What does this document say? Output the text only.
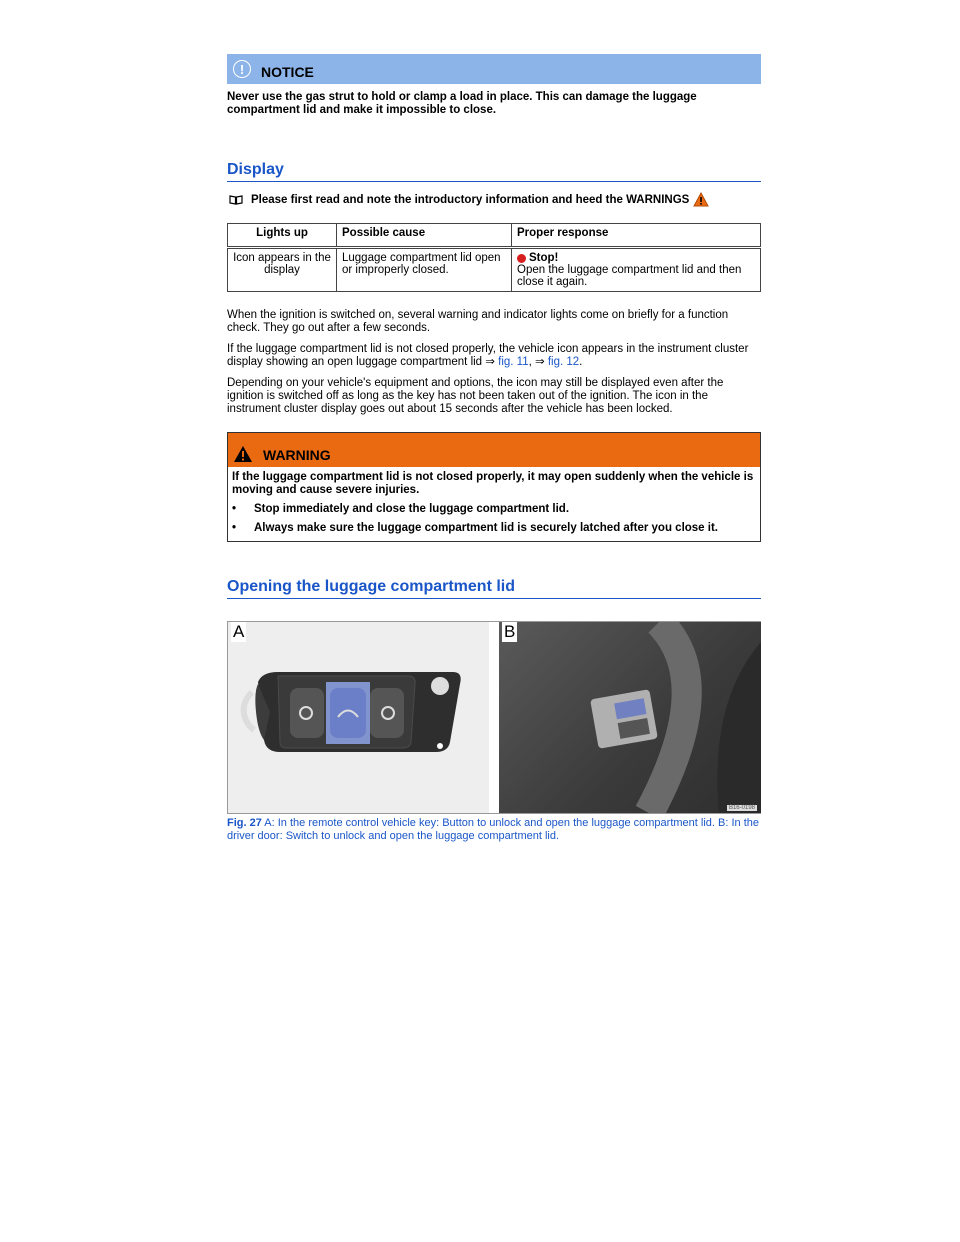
!	NOTICE
Never use the gas strut to hold or clamp a load in place. This can damage the luggage compartment lid and make it impossible to close.
Display
Please first read and note the introductory information and heed the WARNINGS
Lights up	Possible cause	Proper response
Icon appears in the display	Luggage compartment lid open or improperly closed.	Stop!
Open the luggage compartment lid and then close it again.
When the ignition is switched on, several warning and indicator lights come on briefly for a function check. They go out after a few seconds.
If the luggage compartment lid is not closed properly, the vehicle icon appears in the instrument cluster display showing an open luggage compartment lid ⇒ fig. 11, ⇒ fig. 12.
Depending on your vehicle's equipment and options, the icon may still be displayed even after the ignition is switched off as long as the key has not been taken out of the ignition. The icon in the instrument cluster display goes out about 15 seconds after the vehicle has been locked.
WARNING
If the luggage compartment lid is not closed properly, it may open suddenly when the vehicle is moving and cause severe injuries.
•	Stop immediately and close the luggage compartment lid.
•	Always make sure the luggage compartment lid is securely latched after you close it.
Opening the luggage compartment lid
A	B
B16-0198
Fig. 27 A: In the remote control vehicle key: Button to unlock and open the luggage compartment lid. B: In the driver door: Switch to unlock and open the luggage compartment lid.
